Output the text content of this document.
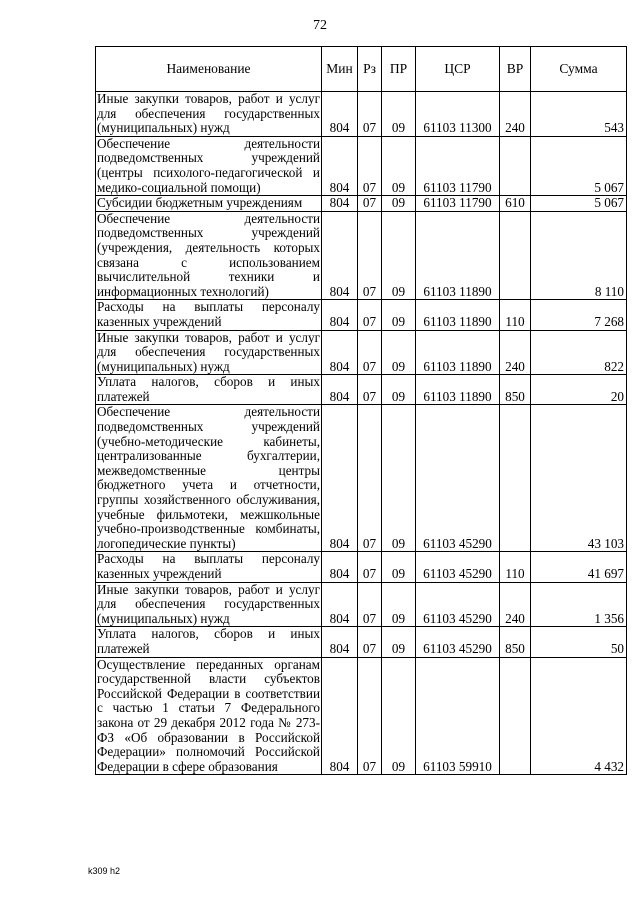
72
Наименование	Мин	Рз	ПР	ЦСР	ВР	Сумма
Иные закупки товаров, работ и услуг для обеспечения государственных (муниципальных) нужд	804	07	09	61103 11300	240	543
Обеспечение деятельности подведомственных учреждений (центры психолого-педагогической и медико-социальной помощи)	804	07	09	61103 11790		5 067
Субсидии бюджетным учреждениям	804	07	09	61103 11790	610	5 067
Обеспечение деятельности подведомственных учреждений (учреждения, деятельность которых связана с использованием вычислительной техники и информационных технологий)	804	07	09	61103 11890		8 110
Расходы на выплаты персоналу казенных учреждений	804	07	09	61103 11890	110	7 268
Иные закупки товаров, работ и услуг для обеспечения государственных (муниципальных) нужд	804	07	09	61103 11890	240	822
Уплата налогов, сборов и иных платежей	804	07	09	61103 11890	850	20
Обеспечение деятельности подведомственных учреждений (учебно-методические кабинеты, централизованные бухгалтерии, межведомственные центры бюджетного учета и отчетности, группы хозяйственного обслуживания, учебные фильмотеки, межшкольные учебно-производственные комбинаты, логопедические пункты)	804	07	09	61103 45290		43 103
Расходы на выплаты персоналу казенных учреждений	804	07	09	61103 45290	110	41 697
Иные закупки товаров, работ и услуг для обеспечения государственных (муниципальных) нужд	804	07	09	61103 45290	240	1 356
Уплата налогов, сборов и иных платежей	804	07	09	61103 45290	850	50
Осуществление переданных органам государственной власти субъектов Российской Федерации в соответствии с частью 1 статьи 7 Федерального закона от 29 декабря 2012 года № 273-ФЗ «Об образовании в Российской Федерации» полномочий Российской Федерации в сфере образования	804	07	09	61103 59910		4 432
k309 h2
